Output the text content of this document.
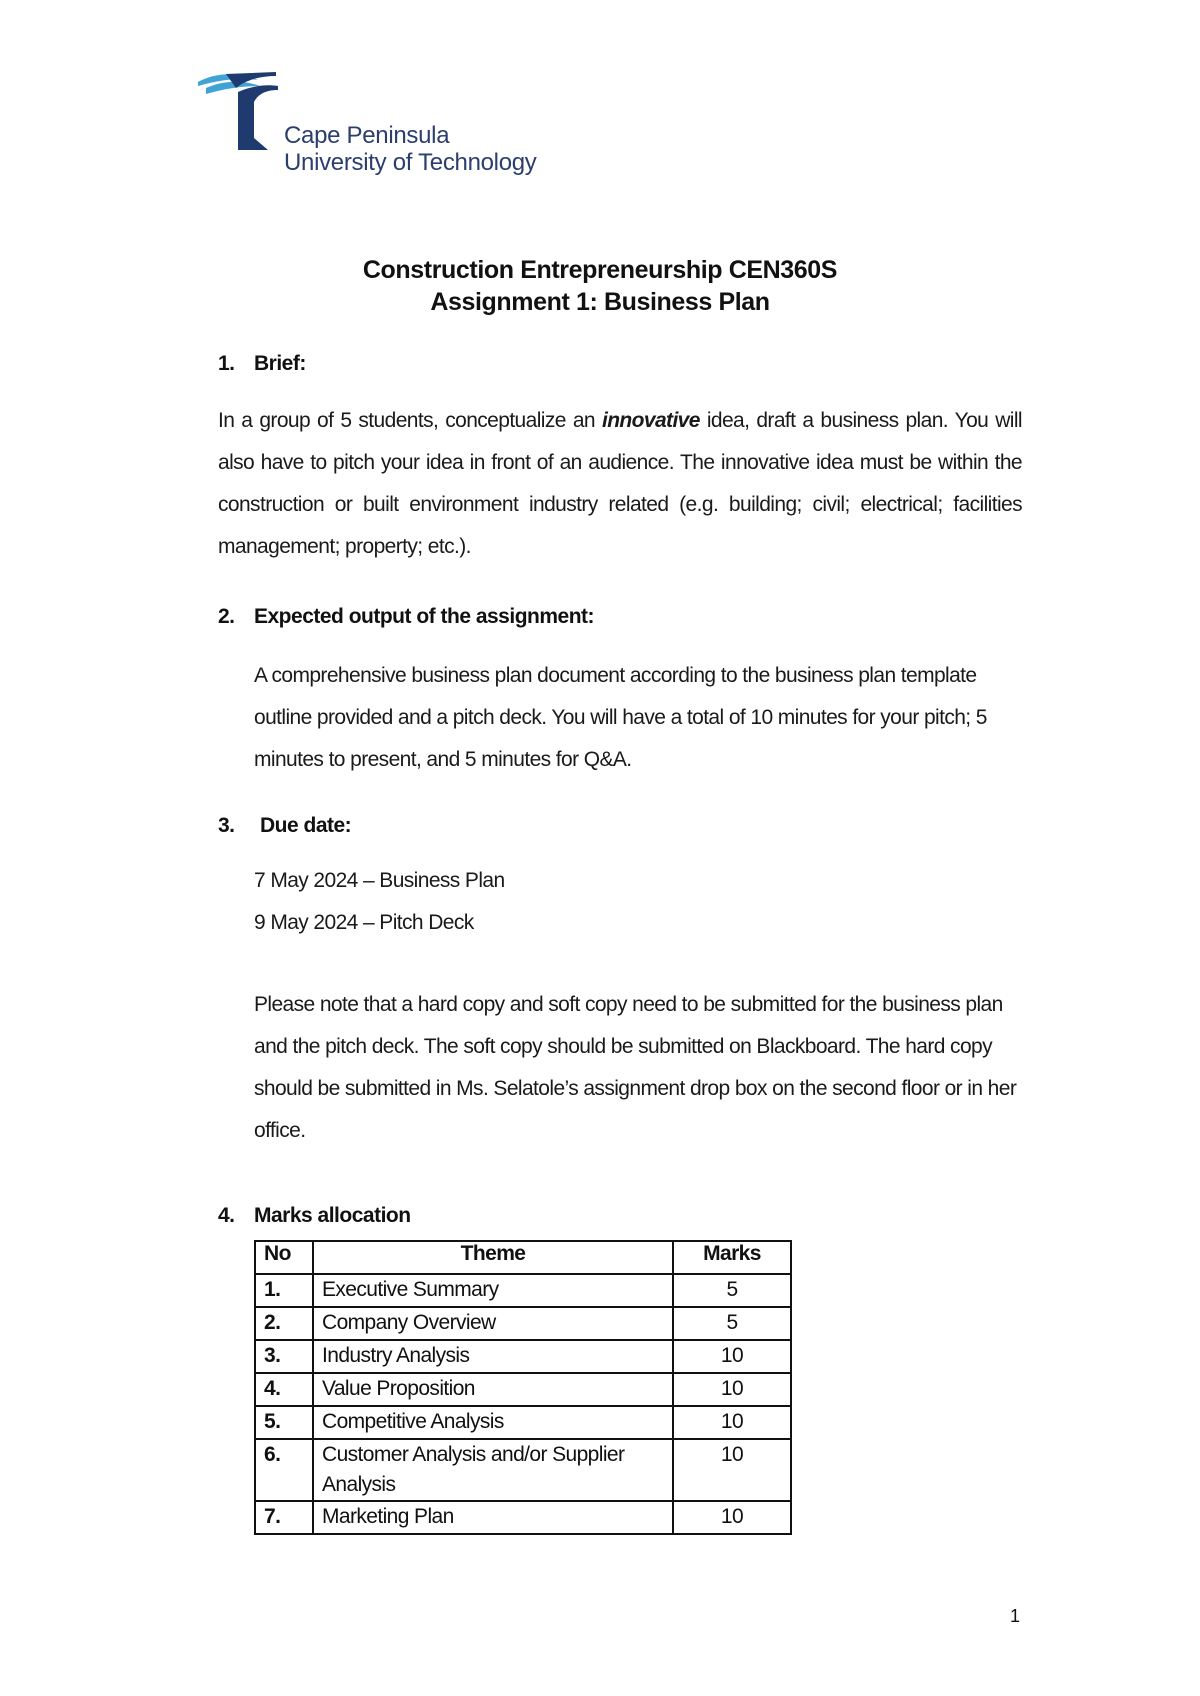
Cape Peninsula
University of Technology
Construction Entrepreneurship CEN360S
Assignment 1: Business Plan
1. Brief:
In a group of 5 students, conceptualize an innovative idea, draft a business plan. You will also have to pitch your idea in front of an audience. The innovative idea must be within the construction or built environment industry related (e.g. building; civil; electrical; facilities management; property; etc.).
2. Expected output of the assignment:
A comprehensive business plan document according to the business plan template outline provided and a pitch deck. You will have a total of 10 minutes for your pitch; 5 minutes to present, and 5 minutes for Q&A.
3. Due date:
7 May 2024 – Business Plan
9 May 2024 – Pitch Deck
Please note that a hard copy and soft copy need to be submitted for the business plan and the pitch deck. The soft copy should be submitted on Blackboard. The hard copy should be submitted in Ms. Selatole’s assignment drop box on the second floor or in her office.
4. Marks allocation
No	Theme	Marks
1.	Executive Summary	5
2.	Company Overview	5
3.	Industry Analysis	10
4.	Value Proposition	10
5.	Competitive Analysis	10
6.	Customer Analysis and/or Supplier Analysis	10
7.	Marketing Plan	10
1
